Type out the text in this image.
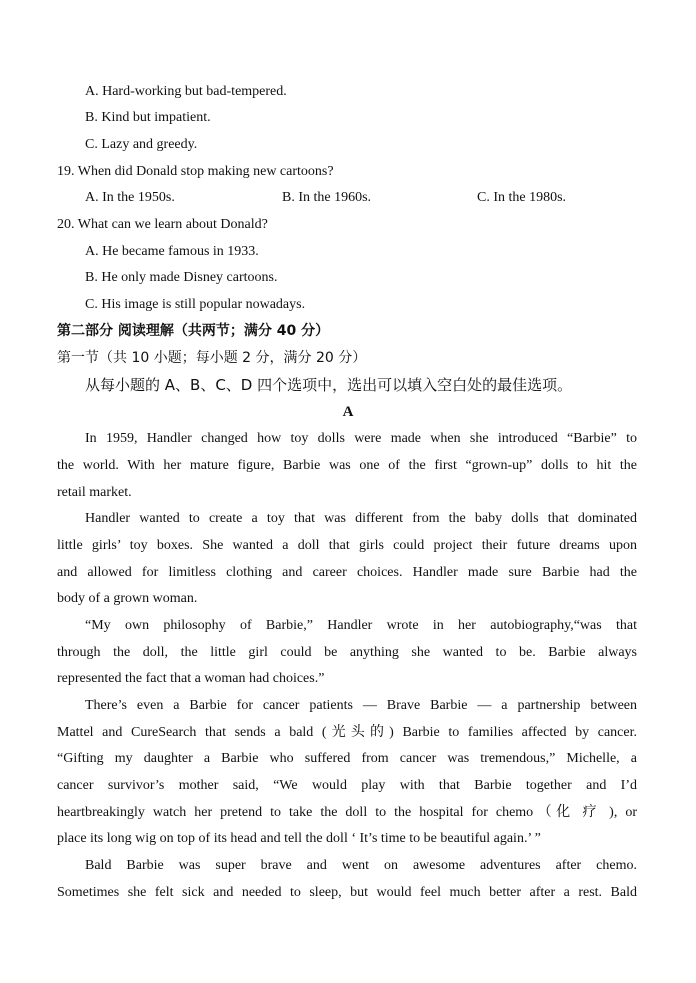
A. Hard-working but bad-tempered.
B. Kind but impatient.
C. Lazy and greedy.
19. When did Donald stop making new cartoons?
A. In the 1950s.	B. In the 1960s.	C. In the 1980s.
20. What can we learn about Donald?
A. He became famous in 1933.
B. He only made Disney cartoons.
C. His image is still popular nowadays.
第二部分 阅读理解（共两节；满分 40 分）
第一节（共 10 小题；每小题 2 分，满分 20 分）
从每小题的 A、B、C、D 四个选项中，选出可以填入空白处的最佳选项。
A
In 1959, Handler changed how toy dolls were made when she introduced “Barbie” to
the world. With her mature figure, Barbie was one of the first “grown-up” dolls to hit the
retail market.
Handler wanted to create a toy that was different from the baby dolls that dominated
little girls’ toy boxes. She wanted a doll that girls could project their future dreams upon
and allowed for limitless clothing and career choices. Handler made sure Barbie had the
body of a grown woman.
“My own philosophy of Barbie,” Handler wrote in her autobiography,“was that
through the doll, the little girl could be anything she wanted to be. Barbie always
represented the fact that a woman had choices.”
There’s even a Barbie for cancer patients — Brave Barbie — a partnership between
Mattel and CureSearch that sends a bald (光头的) Barbie to families affected by cancer.
“Gifting my daughter a Barbie who suffered from cancer was tremendous,” Michelle, a
cancer survivor’s mother said, “We would play with that Barbie together and I’d
heartbreakingly watch her pretend to take the doll to the hospital for chemo（化 疗 ), or
place its long wig on top of its head and tell the doll ‘ It’s time to be beautiful again.’ ”
Bald Barbie was super brave and went on awesome adventures after chemo.
Sometimes she felt sick and needed to sleep, but would feel much better after a rest. Bald
